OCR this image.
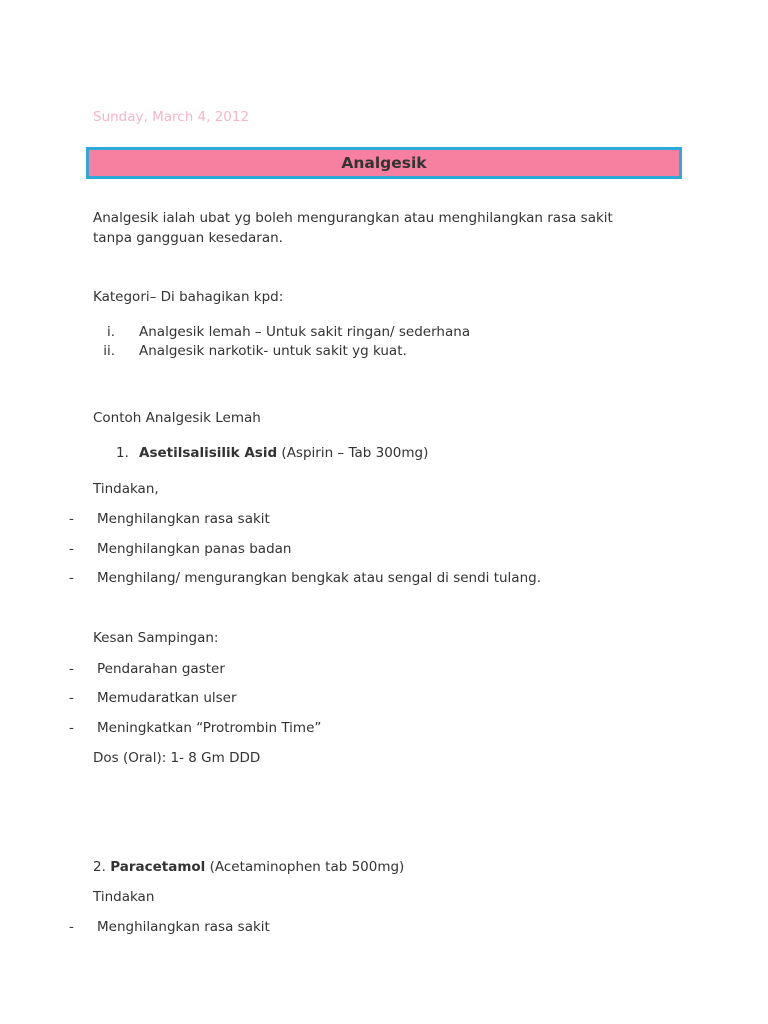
Sunday, March 4, 2012
Analgesik
Analgesik ialah ubat yg boleh mengurangkan atau menghilangkan rasa sakit
tanpa gangguan kesedaran.
Kategori– Di bahagikan kpd:
i. Analgesik lemah – Untuk sakit ringan/ sederhana
ii. Analgesik narkotik- untuk sakit yg kuat.
Contoh Analgesik Lemah
1. Asetilsalisilik Asid (Aspirin – Tab 300mg)
Tindakan,
- Menghilangkan rasa sakit
- Menghilangkan panas badan
- Menghilang/ mengurangkan bengkak atau sengal di sendi tulang.
Kesan Sampingan:
- Pendarahan gaster
- Memudaratkan ulser
- Meningkatkan “Protrombin Time”
Dos (Oral): 1- 8 Gm DDD
2. Paracetamol (Acetaminophen tab 500mg)
Tindakan
- Menghilangkan rasa sakit
